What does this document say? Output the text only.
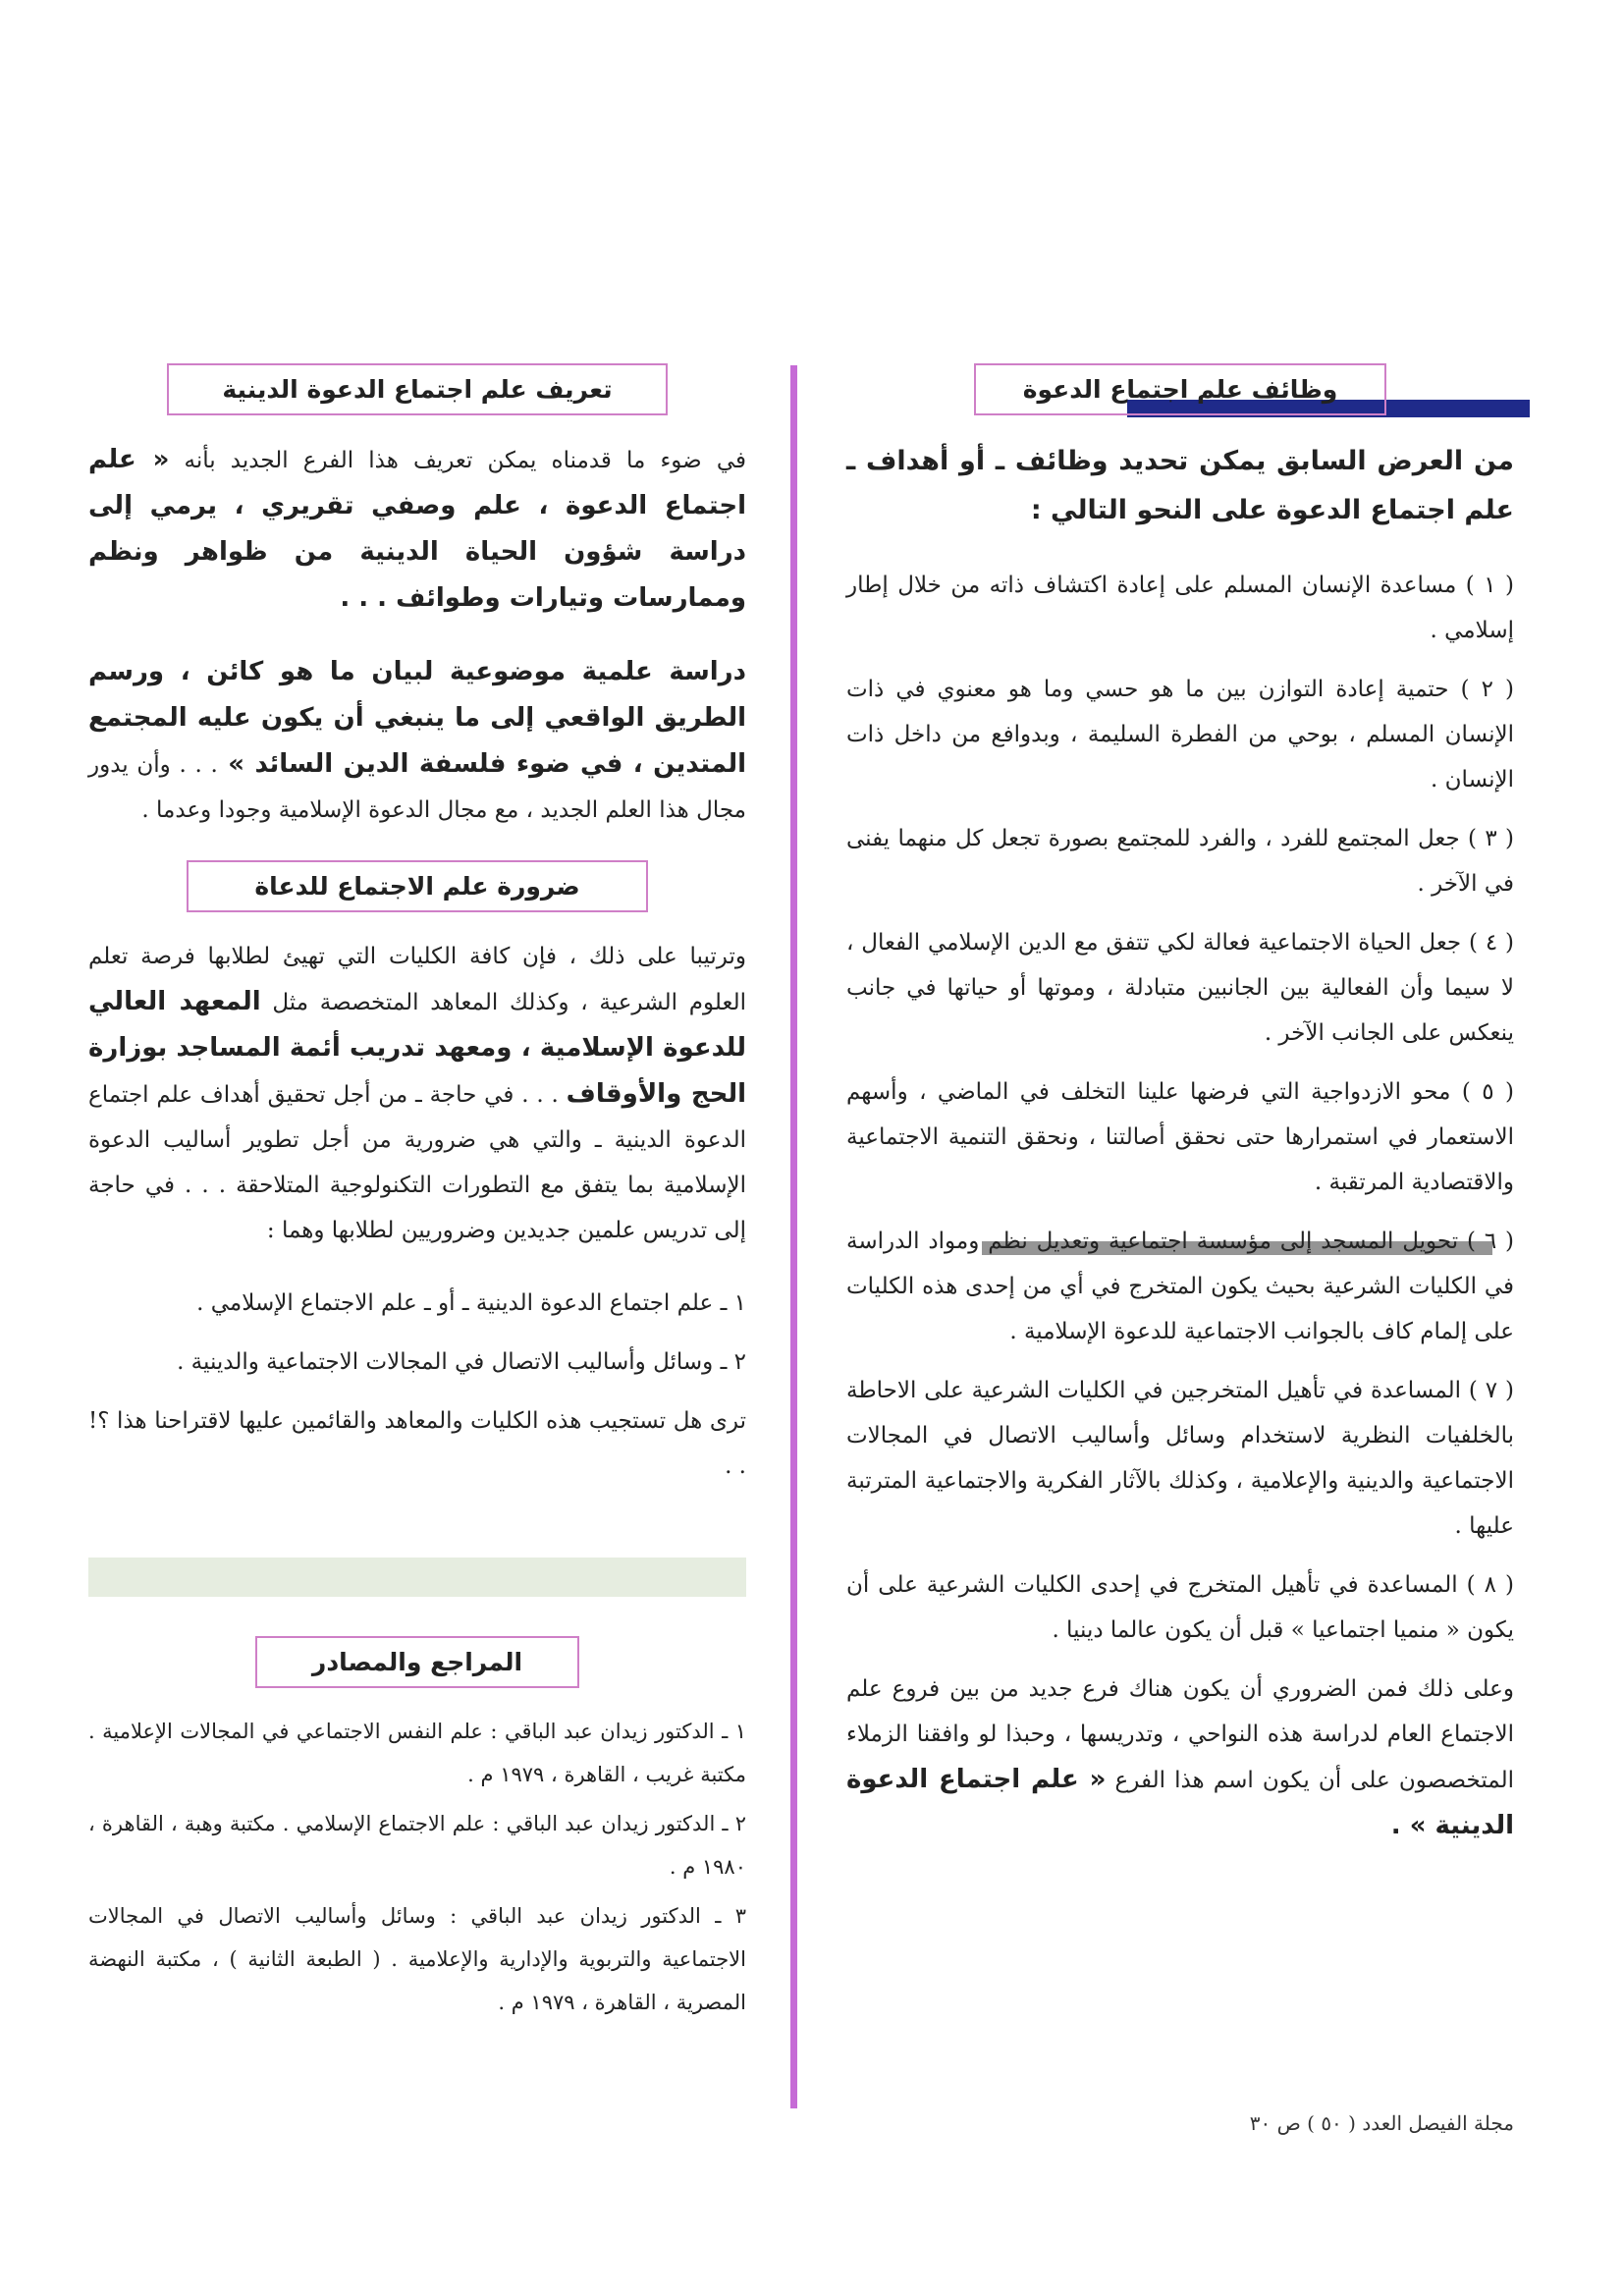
وظائف علم اجتماع الدعوة

من العرض السابق يمكن تحديد وظائف ـ أو أهداف ـ علم اجتماع الدعوة على النحو التالي :

( ١ ) مساعدة الإنسان المسلم على إعادة اكتشاف ذاته من خلال إطار إسلامي .

( ٢ ) حتمية إعادة التوازن بين ما هو حسي وما هو معنوي في ذات الإنسان المسلم ، بوحي من الفطرة السليمة ، وبدوافع من داخل ذات الإنسان .

( ٣ ) جعل المجتمع للفرد ، والفرد للمجتمع بصورة تجعل كل منهما يفنى في الآخر .

( ٤ ) جعل الحياة الاجتماعية فعالة لكي تتفق مع الدين الإسلامي الفعال ، لا سيما وأن الفعالية بين الجانبين متبادلة ، وموتها أو حياتها في جانب ينعكس على الجانب الآخر .

( ٥ ) محو الازدواجية التي فرضها علينا التخلف في الماضي ، وأسهم الاستعمار في استمرارها حتى نحقق أصالتنا ، ونحقق التنمية الاجتماعية والاقتصادية المرتقبة .

( ٦ ) تحويل المسجد إلى مؤسسة اجتماعية وتعديل نظم ومواد الدراسة في الكليات الشرعية بحيث يكون المتخرج في أي من إحدى هذه الكليات على إلمام كاف بالجوانب الاجتماعية للدعوة الإسلامية .

( ٧ ) المساعدة في تأهيل المتخرجين في الكليات الشرعية على الاحاطة بالخلفيات النظرية لاستخدام وسائل وأساليب الاتصال في المجالات الاجتماعية والدينية والإعلامية ، وكذلك بالآثار الفكرية والاجتماعية المترتبة عليها .

( ٨ ) المساعدة في تأهيل المتخرج في إحدى الكليات الشرعية على أن يكون « منميا اجتماعيا » قبل أن يكون عالما دينيا .

وعلى ذلك فمن الضروري أن يكون هناك فرع جديد من بين فروع علم الاجتماع العام لدراسة هذه النواحي ، وتدريسها ، وحبذا لو وافقنا الزملاء المتخصصون على أن يكون اسم هذا الفرع « علم اجتماع الدعوة الدينية » .

تعريف علم اجتماع الدعوة الدينية

في ضوء ما قدمناه يمكن تعريف هذا الفرع الجديد بأنه « علم اجتماع الدعوة ، علم وصفي تقريري ، يرمي إلى دراسة شؤون الحياة الدينية من ظواهر ونظم وممارسات وتيارات وطوائف . . .

دراسة علمية موضوعية لبيان ما هو كائن ، ورسم الطريق الواقعي إلى ما ينبغي أن يكون عليه المجتمع المتدين ، في ضوء فلسفة الدين السائد » . . . وأن يدور مجال هذا العلم الجديد ، مع مجال الدعوة الإسلامية وجودا وعدما .

ضرورة علم الاجتماع للدعاة

وترتيبا على ذلك ، فإن كافة الكليات التي تهيئ لطلابها فرصة تعلم العلوم الشرعية ، وكذلك المعاهد المتخصصة مثل المعهد العالي للدعوة الإسلامية ، ومعهد تدريب أئمة المساجد بوزارة الحج والأوقاف . . . في حاجة ـ من أجل تحقيق أهداف علم اجتماع الدعوة الدينية ـ والتي هي ضرورية من أجل تطوير أساليب الدعوة الإسلامية بما يتفق مع التطورات التكنولوجية المتلاحقة . . . في حاجة إلى تدريس علمين جديدين وضروريين لطلابها وهما :

١ ـ علم اجتماع الدعوة الدينية ـ أو ـ علم الاجتماع الإسلامي .

٢ ـ وسائل وأساليب الاتصال في المجالات الاجتماعية والدينية .

ترى هل تستجيب هذه الكليات والمعاهد والقائمين عليها لاقتراحنا هذا ؟! . .

المراجع والمصادر

١ ـ الدكتور زيدان عبد الباقي : علم النفس الاجتماعي في المجالات الإعلامية . مكتبة غريب ، القاهرة ، ١٩٧٩ م .

٢ ـ الدكتور زيدان عبد الباقي : علم الاجتماع الإسلامي . مكتبة وهبة ، القاهرة ، ١٩٨٠ م .

٣ ـ الدكتور زيدان عبد الباقي : وسائل وأساليب الاتصال في المجالات الاجتماعية والتربوية والإدارية والإعلامية . ( الطبعة الثانية ) ، مكتبة النهضة المصرية ، القاهرة ، ١٩٧٩ م .

مجلة الفيصل العدد ( ٥٠ ) ص ٣٠
